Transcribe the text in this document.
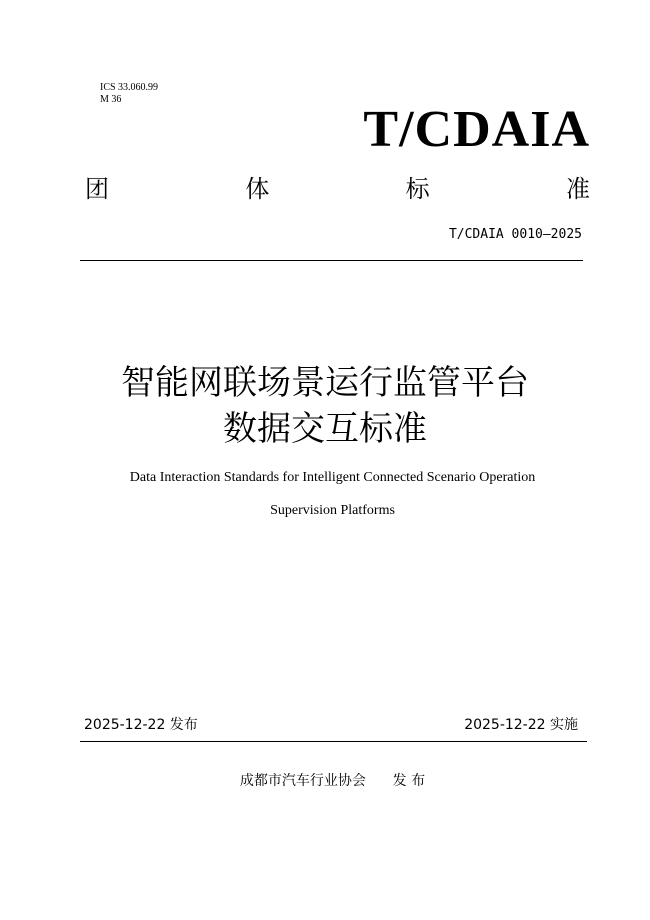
ICS 33.060.99
M 36
T/CDAIA
团	体	标	准
T/CDAIA 0010—2025
智能网联场景运行监管平台
数据交互标准
Data Interaction Standards for Intelligent Connected Scenario Operation
Supervision Platforms
2025-12-22 发布	2025-12-22 实施
成都市汽车行业协会      发 布
